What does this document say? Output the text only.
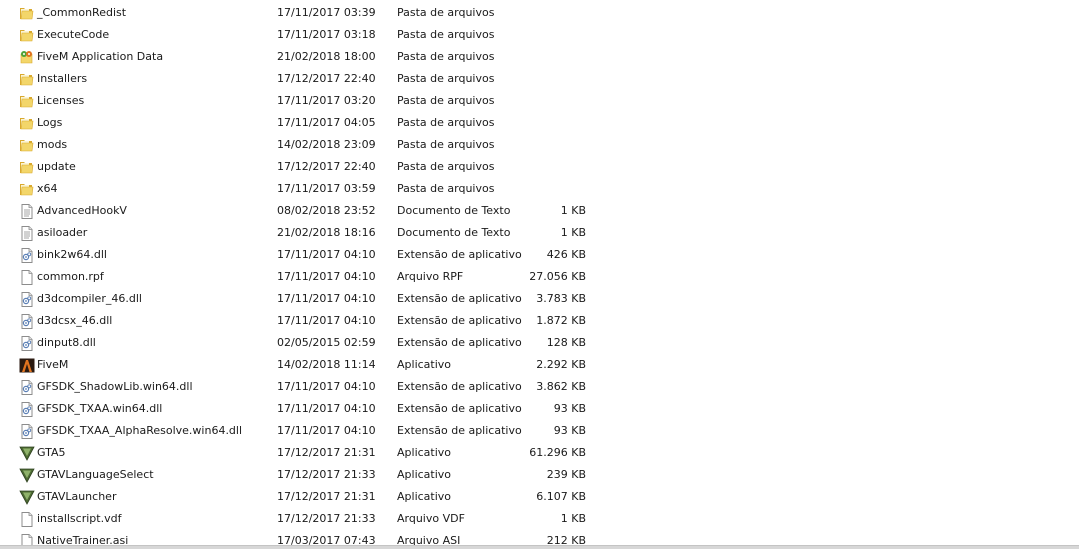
_CommonRedist	17/11/2017 03:39 Pasta de arquivos
ExecuteCode	17/11/2017 03:18 Pasta de arquivos
FiveM Application Data	21/02/2018 18:00 Pasta de arquivos
Installers	17/12/2017 22:40 Pasta de arquivos
Licenses	17/11/2017 03:20 Pasta de arquivos
Logs	17/11/2017 04:05 Pasta de arquivos
mods	14/02/2018 23:09 Pasta de arquivos
update	17/12/2017 22:40 Pasta de arquivos
x64	17/11/2017 03:59 Pasta de arquivos
AdvancedHookV	08/02/2018 23:52 Documento de Texto	1 KB
asiloader	21/02/2018 18:16 Documento de Texto	1 KB
bink2w64.dll	17/11/2017 04:10 Extensão de aplicativo	426 KB
common.rpf	17/11/2017 04:10 Arquivo RPF	27.056 KB
d3dcompiler_46.dll	17/11/2017 04:10 Extensão de aplicativo	3.783 KB
d3dcsx_46.dll	17/11/2017 04:10 Extensão de aplicativo	1.872 KB
dinput8.dll	02/05/2015 02:59 Extensão de aplicativo	128 KB
FiveM	14/02/2018 11:14 Aplicativo	2.292 KB
GFSDK_ShadowLib.win64.dll	17/11/2017 04:10 Extensão de aplicativo	3.862 KB
GFSDK_TXAA.win64.dll	17/11/2017 04:10 Extensão de aplicativo	93 KB
GFSDK_TXAA_AlphaResolve.win64.dll	17/11/2017 04:10 Extensão de aplicativo	93 KB
GTA5	17/12/2017 21:31 Aplicativo	61.296 KB
GTAVLanguageSelect	17/12/2017 21:33 Aplicativo	239 KB
GTAVLauncher	17/12/2017 21:31 Aplicativo	6.107 KB
installscript.vdf	17/12/2017 21:33 Arquivo VDF	1 KB
NativeTrainer.asi	17/03/2017 07:43 Arquivo ASI	212 KB
